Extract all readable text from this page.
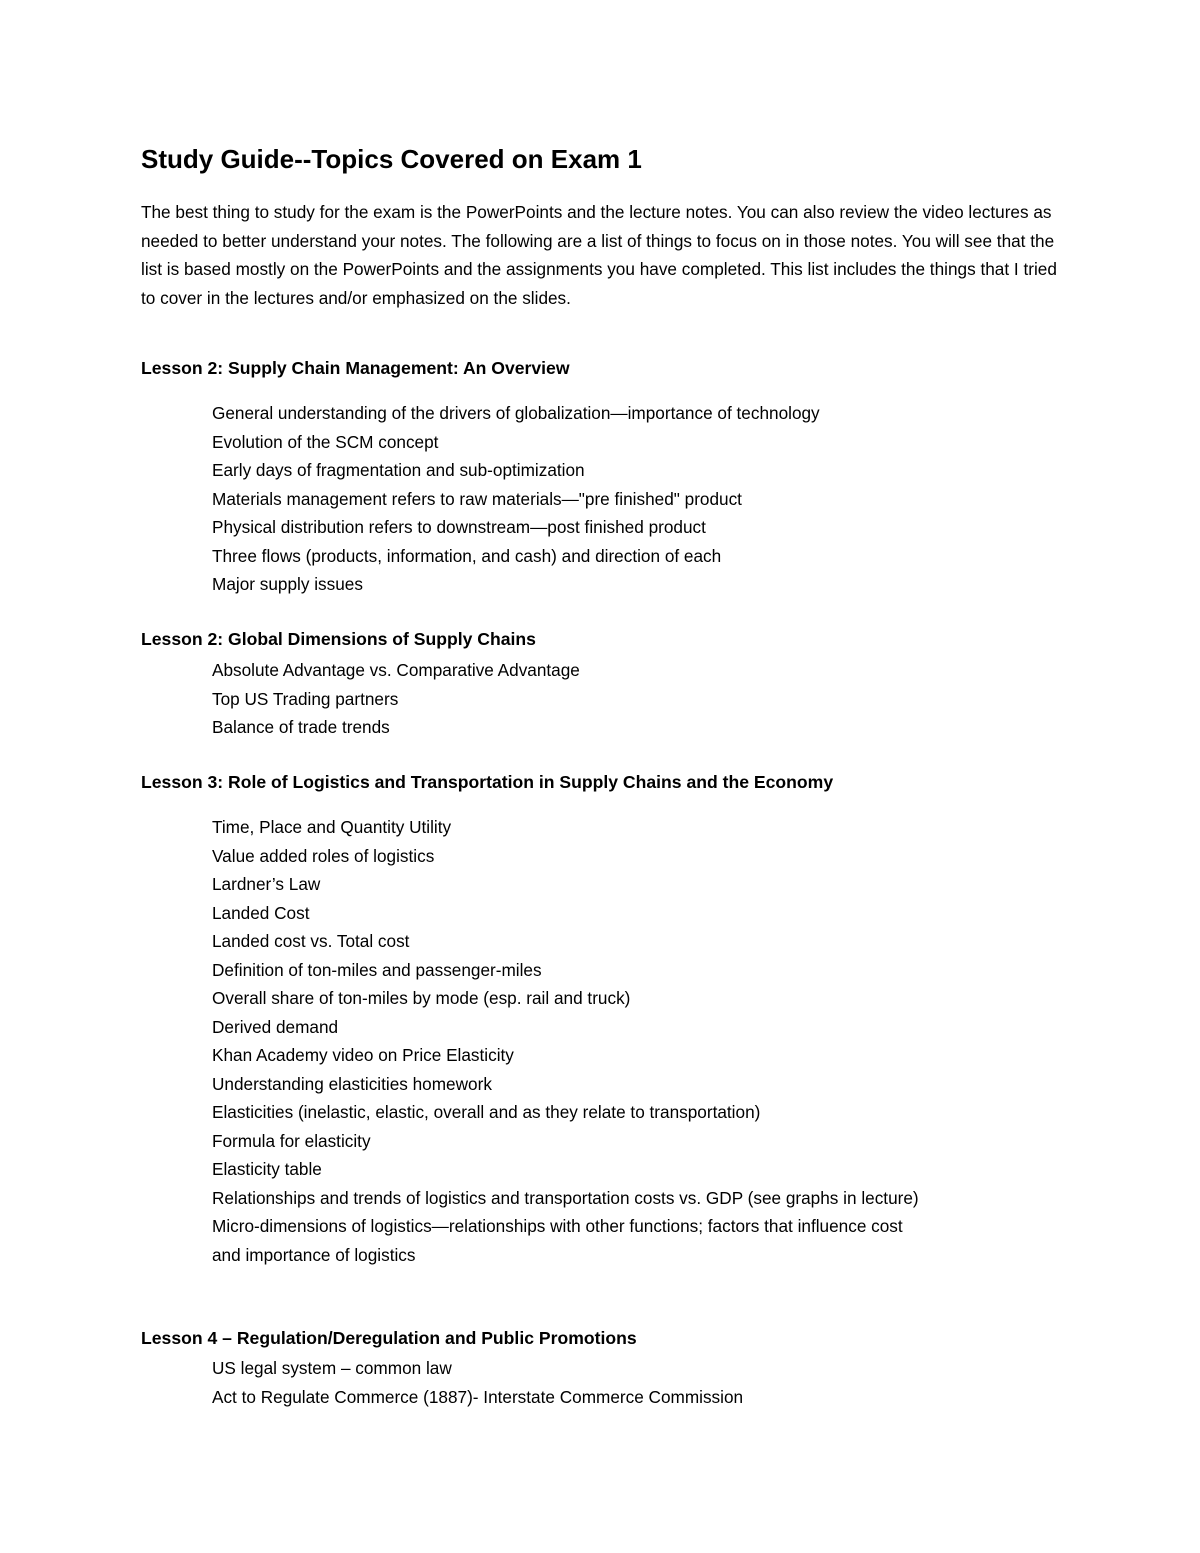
Study Guide--Topics Covered on Exam 1

The best thing to study for the exam is the PowerPoints and the lecture notes. You can also review the video lectures as needed to better understand your notes. The following are a list of things to focus on in those notes. You will see that the list is based mostly on the PowerPoints and the assignments you have completed. This list includes the things that I tried to cover in the lectures and/or emphasized on the slides.

Lesson 2: Supply Chain Management: An Overview

General understanding of the drivers of globalization—importance of technology
Evolution of the SCM concept
Early days of fragmentation and sub-optimization
Materials management refers to raw materials—"pre finished" product
Physical distribution refers to downstream—post finished product
Three flows (products, information, and cash) and direction of each
Major supply issues

Lesson 2: Global Dimensions of Supply Chains

Absolute Advantage vs. Comparative Advantage
Top US Trading partners
Balance of trade trends

Lesson 3: Role of Logistics and Transportation in Supply Chains and the Economy

Time, Place and Quantity Utility
Value added roles of logistics
Lardner’s Law
Landed Cost
Landed cost vs. Total cost
Definition of ton-miles and passenger-miles
Overall share of ton-miles by mode (esp. rail and truck)
Derived demand
Khan Academy video on Price Elasticity
Understanding elasticities homework
Elasticities (inelastic, elastic, overall and as they relate to transportation)
Formula for elasticity
Elasticity table
Relationships and trends of logistics and transportation costs vs. GDP (see graphs in lecture)
Micro-dimensions of logistics—relationships with other functions; factors that influence cost
and importance of logistics

Lesson 4 – Regulation/Deregulation and Public Promotions

US legal system – common law
Act to Regulate Commerce (1887)- Interstate Commerce Commission
